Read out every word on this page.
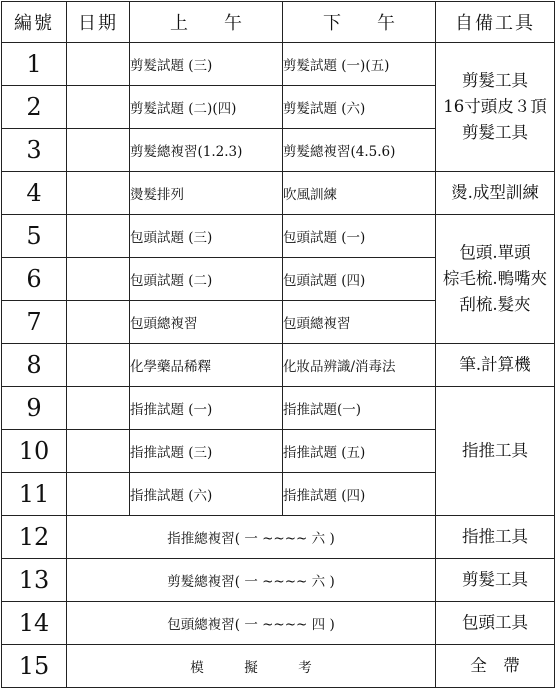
編號	日期	上　　午	下　　午	自備工具
1		剪髮試題 (三)	剪髮試題 (一)(五)	剪髮工具
16寸頭皮３頂
剪髮工具

2		剪髮試題 (二)(四)	剪髮試題 (六)	
3		剪髮總複習(1.2.3)	剪髮總複習(4.5.6)	
4		燙髮排列	吹風訓練	燙.成型訓練
5		包頭試題 (三)	包頭試題 (一)	包頭.單頭
棕毛梳.鴨嘴夾
刮梳.髮夾

6		包頭試題 (二)	包頭試題 (四)	
7		包頭總複習	包頭總複習	
8		化學藥品稀釋	化妝品辨識/消毒法	筆.計算機
9		指推試題 (一)	指推試題(一)	指推工具
10		指推試題 (三)	指推試題 (五)	
11		指推試題 (六)	指推試題 (四)	
12	指推總複習( 一 ~~~~ 六 )			指推工具
13	剪髮總複習( 一 ~~~~ 六 )			剪髮工具
14	包頭總複習( 一 ~~~~ 四 )			包頭工具
15	模　　　擬　　　考			全　帶
